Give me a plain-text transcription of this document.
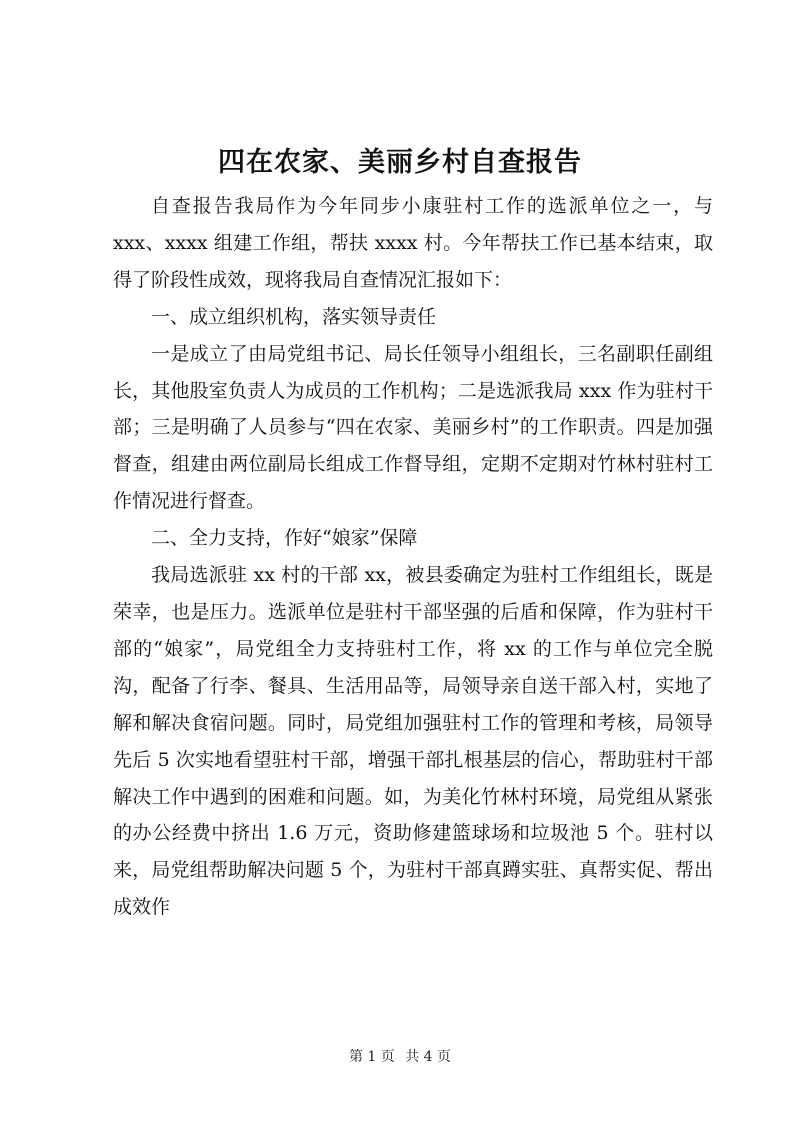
四在农家、美丽乡村自查报告

自查报告我局作为今年同步小康驻村工作的选派单位之一，与 xxx、xxxx 组建工作组，帮扶 xxxx 村。今年帮扶工作已基本结束，取得了阶段性成效，现将我局自查情况汇报如下：

一、成立组织机构，落实领导责任

一是成立了由局党组书记、局长任领导小组组长，三名副职任副组长，其他股室负责人为成员的工作机构；二是选派我局 xxx 作为驻村干部；三是明确了人员参与“四在农家、美丽乡村”的工作职责。四是加强督查，组建由两位副局长组成工作督导组，定期不定期对竹林村驻村工作情况进行督查。

二、全力支持，作好“娘家”保障

我局选派驻 xx 村的干部 xx，被县委确定为驻村工作组组长，既是荣幸，也是压力。选派单位是驻村干部坚强的后盾和保障，作为驻村干部的“娘家”，局党组全力支持驻村工作，将 xx 的工作与单位完全脱沟，配备了行李、餐具、生活用品等，局领导亲自送干部入村，实地了解和解决食宿问题。同时，局党组加强驻村工作的管理和考核，局领导先后 5 次实地看望驻村干部，增强干部扎根基层的信心，帮助驻村干部解决工作中遇到的困难和问题。如，为美化竹林村环境，局党组从紧张的办公经费中挤出 1.6 万元，资助修建篮球场和垃圾池 5 个。驻村以来，局党组帮助解决问题 5 个，为驻村干部真蹲实驻、真帮实促、帮出成效作

第 1 页 共 4 页
